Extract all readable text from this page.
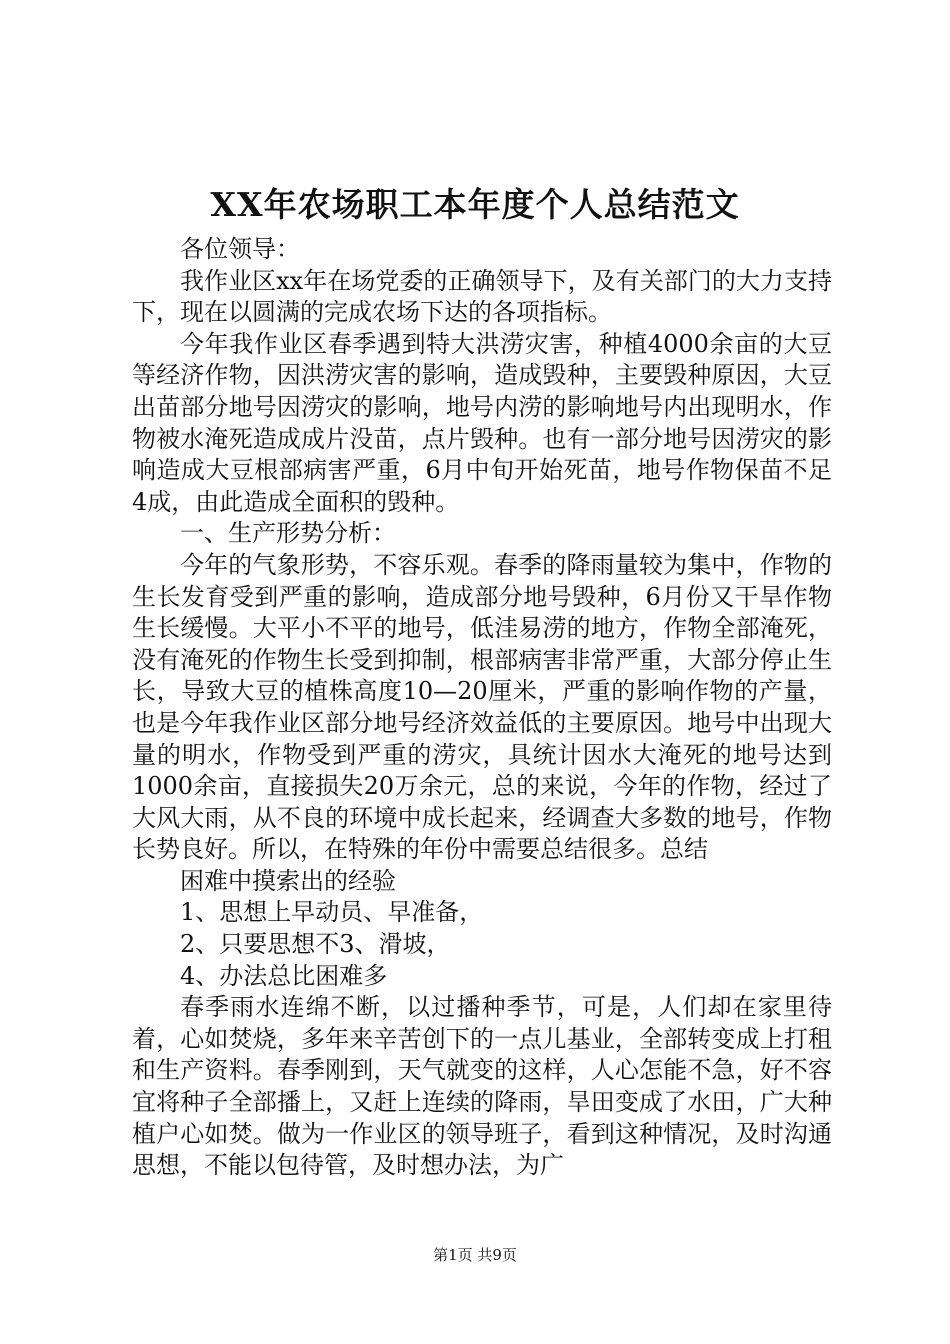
XX年农场职工本年度个人总结范文

各位领导：

我作业区xx年在场党委的正确领导下，及有关部门的大力支持下，现在以圆满的完成农场下达的各项指标。

今年我作业区春季遇到特大洪涝灾害，种植4000余亩的大豆等经济作物，因洪涝灾害的影响，造成毁种，主要毁种原因，大豆出苗部分地号因涝灾的影响，地号内涝的影响地号内出现明水，作物被水淹死造成成片没苗，点片毁种。也有一部分地号因涝灾的影响造成大豆根部病害严重，6月中旬开始死苗，地号作物保苗不足4成，由此造成全面积的毁种。

一、生产形势分析：

今年的气象形势，不容乐观。春季的降雨量较为集中，作物的生长发育受到严重的影响，造成部分地号毁种，6月份又干旱作物生长缓慢。大平小不平的地号，低洼易涝的地方，作物全部淹死，没有淹死的作物生长受到抑制，根部病害非常严重，大部分停止生长，导致大豆的植株高度10—20厘米，严重的影响作物的产量，也是今年我作业区部分地号经济效益低的主要原因。地号中出现大量的明水，作物受到严重的涝灾，具统计因水大淹死的地号达到1000余亩，直接损失20万余元，总的来说，今年的作物，经过了大风大雨，从不良的环境中成长起来，经调查大多数的地号，作物长势良好。所以，在特殊的年份中需要总结很多。总结

困难中摸索出的经验

1、思想上早动员、早准备，

2、只要思想不3、滑坡，

4、办法总比困难多

春季雨水连绵不断，以过播种季节，可是，人们却在家里待着，心如焚烧，多年来辛苦创下的一点儿基业，全部转变成上打租和生产资料。春季刚到，天气就变的这样，人心怎能不急，好不容宜将种子全部播上，又赶上连续的降雨，旱田变成了水田，广大种植户心如焚。做为一作业区的领导班子，看到这种情况，及时沟通思想，不能以包待管，及时想办法，为广

第1页 共9页
